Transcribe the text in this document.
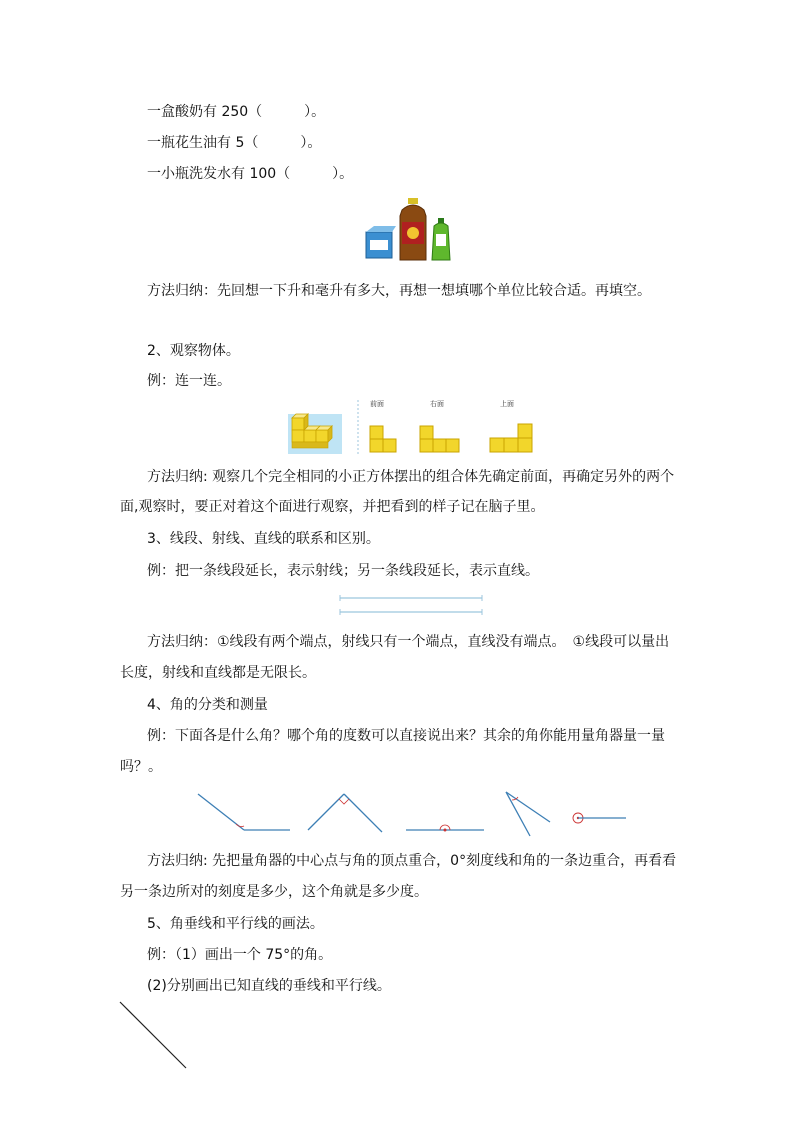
一盒酸奶有 250（　　　）。
一瓶花生油有 5（　　　）。
一小瓶洗发水有 100（　　　）。
方法归纳：先回想一下升和毫升有多大，再想一想填哪个单位比较合适。再填空。
2、观察物体。
例：连一连。
前面	右面	上面
方法归纳: 观察几个完全相同的小正方体摆出的组合体先确定前面，再确定另外的两个
面,观察时，要正对着这个面进行观察，并把看到的样子记在脑子里。
3、线段、射线、直线的联系和区别。
例：把一条线段延长，表示射线；另一条线段延长，表示直线。
方法归纳：①线段有两个端点，射线只有一个端点，直线没有端点。　①线段可以量出
长度，射线和直线都是无限长。
4、角的分类和测量
例：下面各是什么角？哪个角的度数可以直接说出来？其余的角你能用量角器量一量
吗？。
方法归纳: 先把量角器的中心点与角的顶点重合，0°刻度线和角的一条边重合，再看看
另一条边所对的刻度是多少，这个角就是多少度。
5、角垂线和平行线的画法。
例：（1）画出一个 75°的角。
(2)分别画出已知直线的垂线和平行线。
